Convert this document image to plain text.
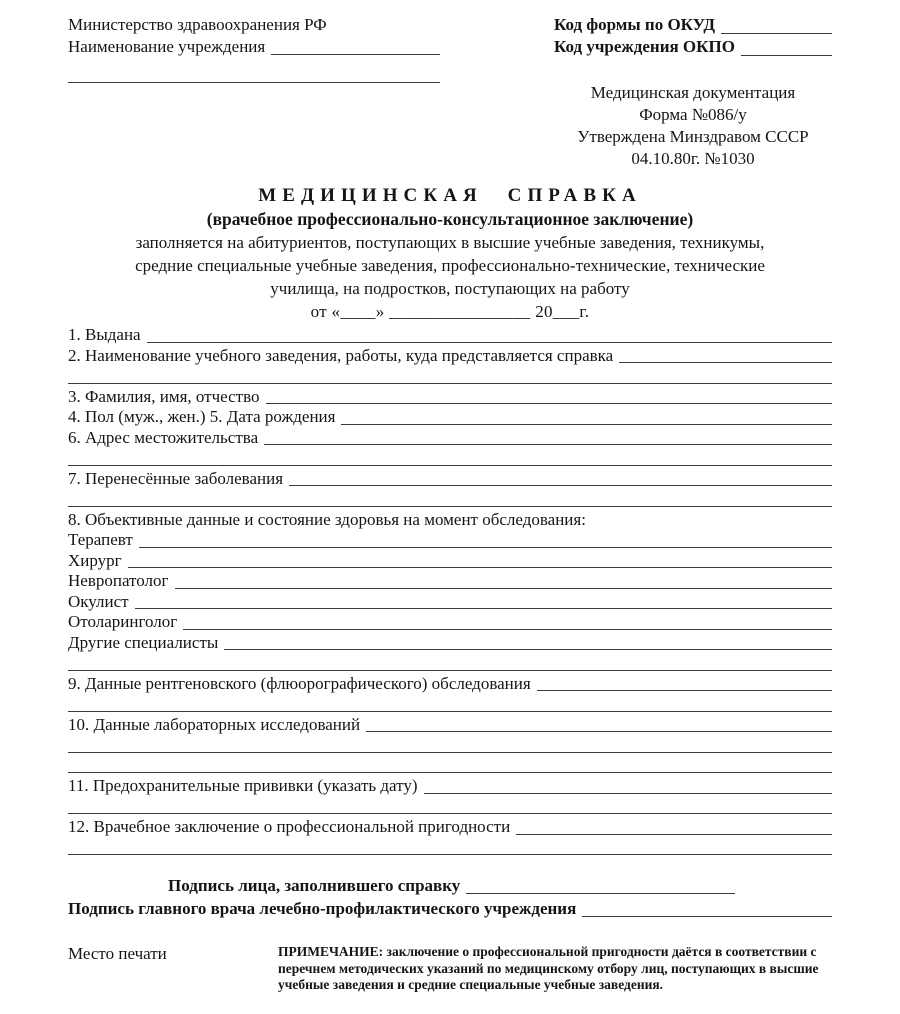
Министерство здравоохранения РФ
Наименование учреждения
Код формы по ОКУД
Код учреждения ОКПО
Медицинская документация
Форма №086/у
Утверждена Минздравом СССР
04.10.80г. №1030
МЕДИЦИНСКАЯ СПРАВКА
(врачебное профессионально-консультационное заключение)
заполняется на абитуриентов, поступающих в высшие учебные заведения, техникумы,
средние специальные учебные заведения, профессионально-технические, технические
училища, на подростков, поступающих на работу
от «____» ________________ 20___г.
1. Выдана
2. Наименование учебного заведения, работы, куда представляется справка
3. Фамилия, имя, отчество
4. Пол (муж., жен.) 5. Дата рождения
6. Адрес местожительства
7. Перенесённые заболевания
8. Объективные данные и состояние здоровья на момент обследования:
Терапевт
Хирург
Невропатолог
Окулист
Отоларинголог
Другие специалисты
9. Данные рентгеновского (флюорографического) обследования
10. Данные лабораторных исследований
11. Предохранительные прививки (указать дату)
12. Врачебное заключение о профессиональной пригодности
Подпись лица, заполнившего справку
Подпись главного врача лечебно-профилактического учреждения
Место печати	ПРИМЕЧАНИЕ: заключение о профессиональной пригодности даётся в соответствии с перечнем методических указаний по медицинскому отбору лиц, поступающих в высшие учебные заведения и средние специальные учебные заведения.
